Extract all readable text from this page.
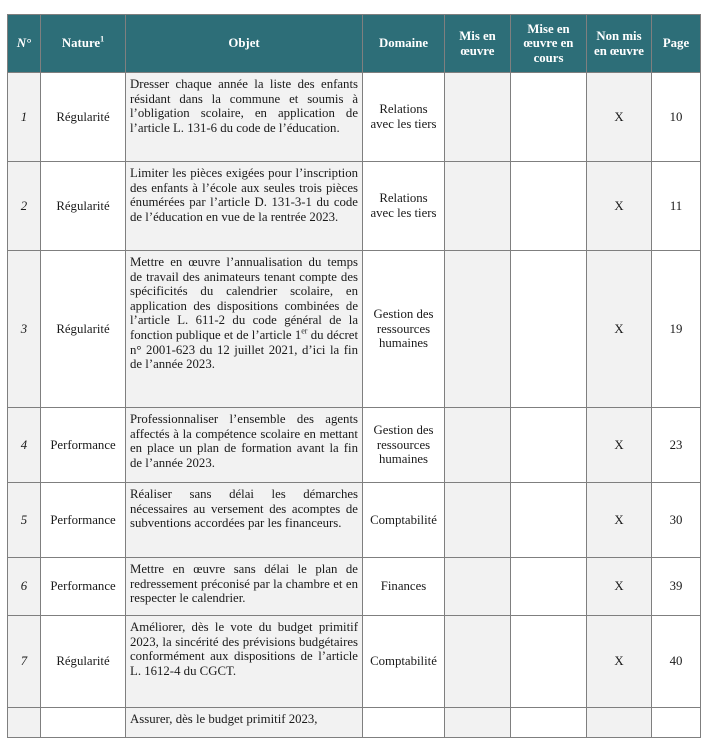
N°	Nature$^1$	Objet	Domaine	Mis en œuvre	Mise en œuvre en cours	Non mis en œuvre	Page
1	Régularité	Dresser chaque année la liste des enfants résidant dans la commune et soumis à l’obligation scolaire, en application de l’article L. 131-6 du code de l’éducation.	Relations avec les tiers			X	10
2	Régularité	Limiter les pièces exigées pour l’inscription des enfants à l’école aux seules trois pièces énumérées par l’article D. 131-3-1 du code de l’éducation en vue de la rentrée 2023.	Relations avec les tiers			X	11
3	Régularité	Mettre en œuvre l’annualisation du temps de travail des animateurs tenant compte des spécificités du calendrier scolaire, en application des dispositions combinées de l’article L. 611-2 du code général de la fonction publique et de l’article 1er du décret n° 2001-623 du 12 juillet 2021, d’ici la fin de l’année 2023.	Gestion des ressources humaines			X	19
4	Performance	Professionnaliser l’ensemble des agents affectés à la compétence scolaire en mettant en place un plan de formation avant la fin de l’année 2023.	Gestion des ressources humaines			X	23
5	Performance	Réaliser sans délai les démarches nécessaires au versement des acomptes de subventions accordées par les financeurs.	Comptabilité			X	30
6	Performance	Mettre en œuvre sans délai le plan de redressement préconisé par la chambre et en respecter le calendrier.	Finances			X	39
7	Régularité	Améliorer, dès le vote du budget primitif 2023, la sincérité des prévisions budgétaires conformément aux dispositions de l’article L. 1612-4 du CGCT.	Comptabilité			X	40
		Assurer, dès le budget primitif 2023,					
